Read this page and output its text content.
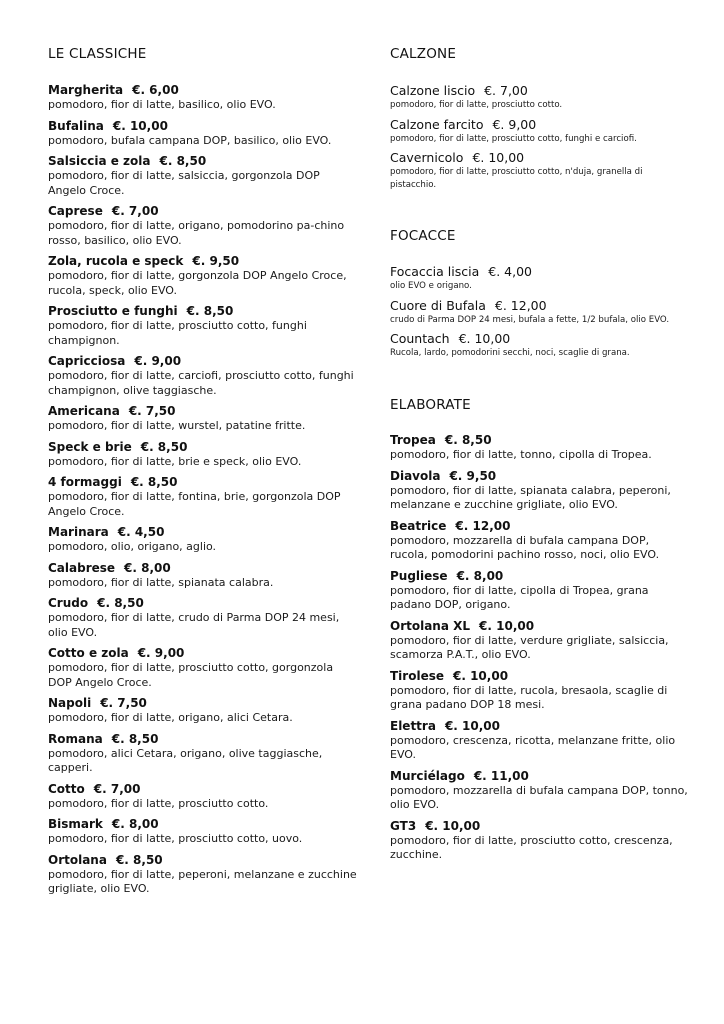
LE CLASSICHE
Margherita €. 6,00
pomodoro, fior di latte, basilico, olio EVO.
Bufalina €. 10,00
pomodoro, bufala campana DOP, basilico, olio EVO.
Salsiccia e zola €. 8,50
pomodoro, fior di latte, salsiccia, gorgonzola DOP Angelo Croce.
Caprese €. 7,00
pomodoro, fior di latte, origano, pomodorino pa-chino rosso, basilico, olio EVO.
Zola, rucola e speck €. 9,50
pomodoro, fior di latte, gorgonzola DOP Angelo Croce, rucola, speck, olio EVO.
Prosciutto e funghi €. 8,50
pomodoro, fior di latte, prosciutto cotto, funghi champignon.
Capricciosa €. 9,00
pomodoro, fior di latte, carciofi, prosciutto cotto, funghi champignon, olive taggiasche.
Americana €. 7,50
pomodoro, fior di latte, wurstel, patatine fritte.
Speck e brie €. 8,50
pomodoro, fior di latte, brie e speck, olio EVO.
4 formaggi €. 8,50
pomodoro, fior di latte, fontina, brie, gorgonzola DOP Angelo Croce.
Marinara €. 4,50
pomodoro, olio, origano, aglio.
Calabrese €. 8,00
pomodoro, fior di latte, spianata calabra.
Crudo €. 8,50
pomodoro, fior di latte, crudo di Parma DOP 24 mesi, olio EVO.
Cotto e zola €. 9,00
pomodoro, fior di latte, prosciutto cotto, gorgonzola DOP Angelo Croce.
Napoli €. 7,50
pomodoro, fior di latte, origano, alici Cetara.
Romana €. 8,50
pomodoro, alici Cetara, origano, olive taggiasche, capperi.
Cotto €. 7,00
pomodoro, fior di latte, prosciutto cotto.
Bismark €. 8,00
pomodoro, fior di latte, prosciutto cotto, uovo.
Ortolana €. 8,50
pomodoro, fior di latte, peperoni, melanzane e zucchine grigliate, olio EVO.
CALZONE
Calzone liscio €. 7,00
pomodoro, fior di latte, prosciutto cotto.
Calzone farcito €. 9,00
pomodoro, fior di latte, prosciutto cotto, funghi e carciofi.
Cavernicolo €. 10,00
pomodoro, fior di latte, prosciutto cotto, n'duja, granella di pistacchio.
FOCACCE
Focaccia liscia €. 4,00
olio EVO e origano.
Cuore di Bufala €. 12,00
crudo di Parma DOP 24 mesi, bufala a fette, 1/2 bufala, olio EVO.
Countach €. 10,00
Rucola, lardo, pomodorini secchi, noci, scaglie di grana.
ELABORATE
Tropea €. 8,50
pomodoro, fior di latte, tonno, cipolla di Tropea.
Diavola €. 9,50
pomodoro, fior di latte, spianata calabra, peperoni, melanzane e zucchine grigliate, olio EVO.
Beatrice €. 12,00
pomodoro, mozzarella di bufala campana DOP, rucola, pomodorini pachino rosso, noci, olio EVO.
Pugliese €. 8,00
pomodoro, fior di latte, cipolla di Tropea, grana padano DOP, origano.
Ortolana XL €. 10,00
pomodoro, fior di latte, verdure grigliate, salsiccia, scamorza P.A.T., olio EVO.
Tirolese €. 10,00
pomodoro, fior di latte, rucola, bresaola, scaglie di grana padano DOP 18 mesi.
Elettra €. 10,00
pomodoro, crescenza, ricotta, melanzane fritte, olio EVO.
Murciélago €. 11,00
pomodoro, mozzarella di bufala campana DOP, tonno, olio EVO.
GT3 €. 10,00
pomodoro, fior di latte, prosciutto cotto, crescenza, zucchine.
